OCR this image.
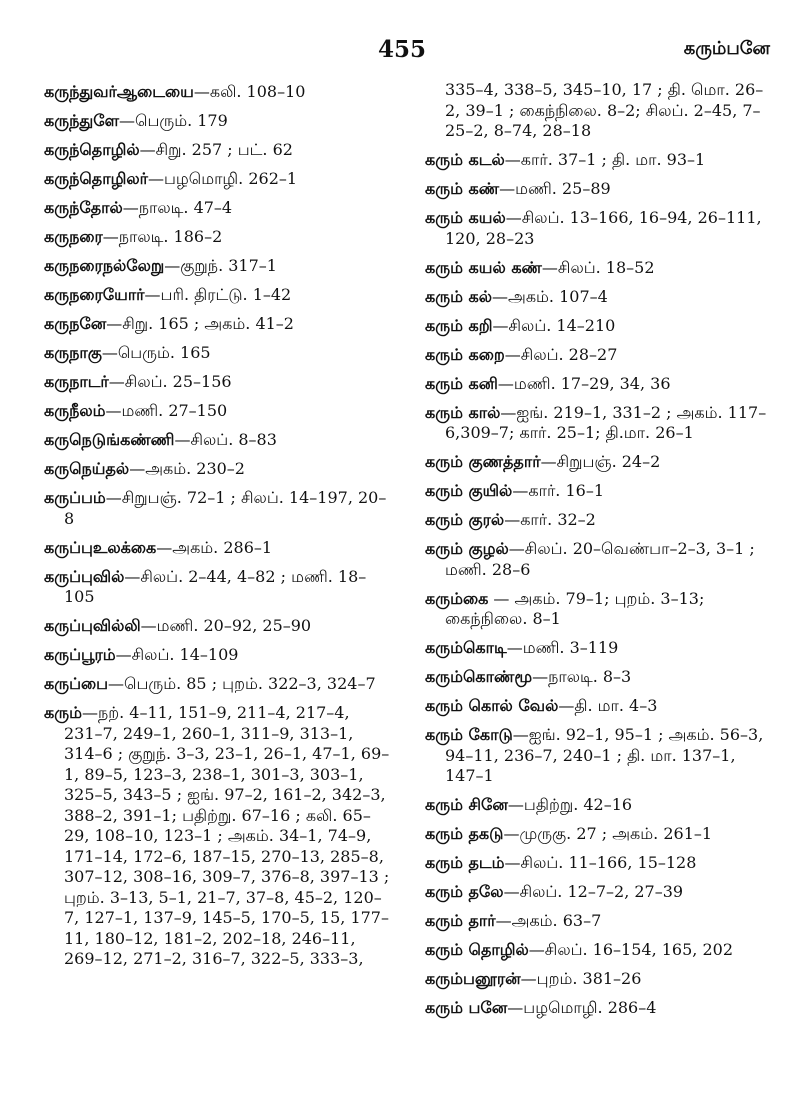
455	கரும்பனே
கருந்துவர்ஆடையை—கலி. 108–10
கருந்துளே—பெரும். 179
கருந்தொழில்—சிறு. 257 ; பட். 62
கருந்தொழிலர்—பழமொழி. 262–1
கருந்தோல்—நாலடி. 47–4
கருநரை—நாலடி. 186–2
கருநரைநல்லேறு—குறுந். 317–1
கருநரையோர்—பரி. திரட்டு. 1–42
கருநனே—சிறு. 165 ; அகம். 41–2
கருநாகு—பெரும். 165
கருநாடர்—சிலப். 25–156
கருநீலம்—மணி. 27–150
கருநெடுங்கண்ணி—சிலப். 8–83
கருநெய்தல்—அகம். 230–2
கருப்பம்—சிறுபஞ். 72–1 ; சிலப். 14–197, 20–8
கருப்புஉலக்கை—அகம். 286–1
கருப்புவில்—சிலப். 2–44, 4–82 ; மணி. 18–105
கருப்புவில்லி—மணி. 20–92, 25–90
கருப்பூரம்—சிலப். 14–109
கருப்பை—பெரும். 85 ; புறம். 322–3, 324–7
கரும்—நற். 4–11, 151–9, 211–4, 217–4, 231–7, 249–1, 260–1, 311–9, 313–1, 314–6 ; குறுந். 3–3, 23–1, 26–1, 47–1, 69–1, 89–5, 123–3, 238–1, 301–3, 303–1, 325–5, 343–5 ; ஐங். 97–2, 161–2, 342–3, 388–2, 391–1; பதிற்று. 67–16 ; கலி. 65–29, 108–10, 123–1 ; அகம். 34–1, 74–9, 171–14, 172–6, 187–15, 270–13, 285–8, 307–12, 308–16, 309–7, 376–8, 397–13 ; புறம். 3–13, 5–1, 21–7, 37–8, 45–2, 120–7, 127–1, 137–9, 145–5, 170–5, 15, 177–11, 180–12, 181–2, 202–18, 246–11, 269–12, 271–2, 316–7, 322–5, 333–3,
335–4, 338–5, 345–10, 17 ; தி. மொ. 26–2, 39–1 ; கைந்நிலை. 8–2; சிலப். 2–45, 7–25–2, 8–74, 28–18
கரும் கடல்—கார். 37–1 ; தி. மா. 93–1
கரும் கண்—மணி. 25–89
கரும் கயல்—சிலப். 13–166, 16–94, 26–111, 120, 28–23
கரும் கயல் கண்—சிலப். 18–52
கரும் கல்—அகம். 107–4
கரும் கறி—சிலப். 14–210
கரும் கறை—சிலப். 28–27
கரும் கனி—மணி. 17–29, 34, 36
கரும் கால்—ஐங். 219–1, 331–2 ; அகம். 117–6,309–7; கார். 25–1; தி.மா. 26–1
கரும் குணத்தார்—சிறுபஞ். 24–2
கரும் குயில்—கார். 16–1
கரும் குரல்—கார். 32–2
கரும் குழல்—சிலப். 20–வெண்பா–2–3, 3–1 ; மணி. 28–6
கரும்கை — அகம். 79–1; புறம். 3–13; கைந்நிலை. 8–1
கரும்கொடி—மணி. 3–119
கரும்கொண்மூ—நாலடி. 8–3
கரும் கொல் வேல்—தி. மா. 4–3
கரும் கோடு—ஐங். 92–1, 95–1 ; அகம். 56–3, 94–11, 236–7, 240–1 ; தி. மா. 137–1, 147–1
கரும் சினே—பதிற்று. 42–16
கரும் தகடு—முருகு. 27 ; அகம். 261–1
கரும் தடம்—சிலப். 11–166, 15–128
கரும் தலே—சிலப். 12–7–2, 27–39
கரும் தார்—அகம். 63–7
கரும் தொழில்—சிலப். 16–154, 165, 202
கரும்பனூரன்—புறம். 381–26
கரும் பனே—பழமொழி. 286–4
